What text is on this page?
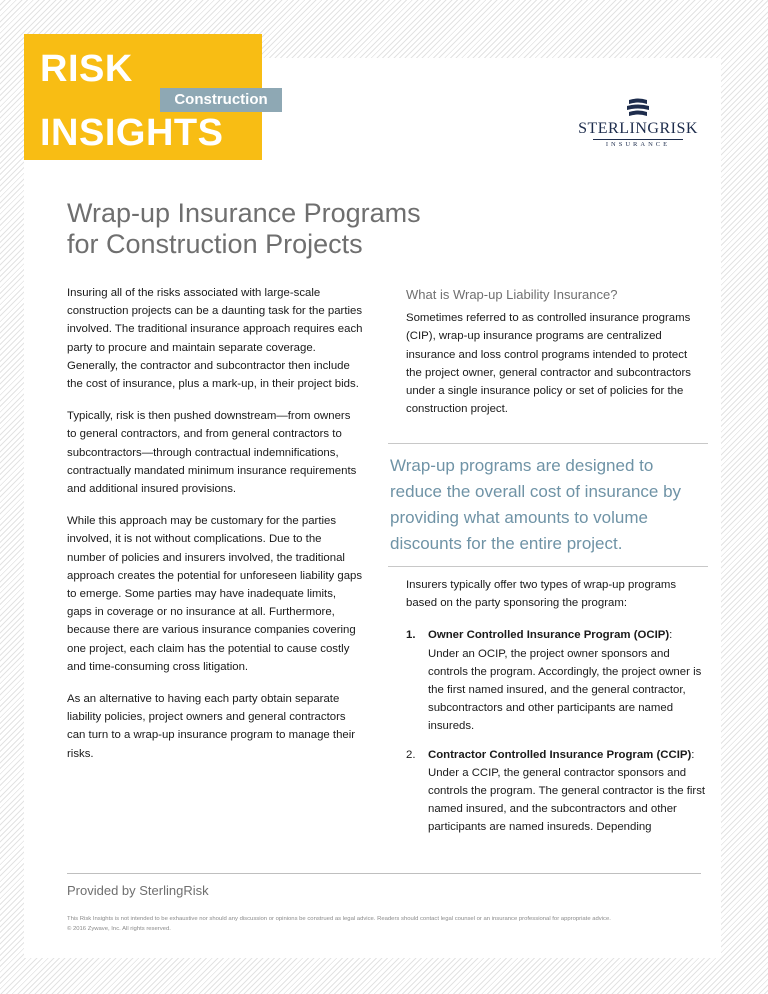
RISK
Construction
INSIGHTS	STERLINGRISK
INSURANCE
Wrap-up Insurance Programs
for Construction Projects

Insuring all of the risks associated with large-scale construction projects can be a daunting task for the parties involved. The traditional insurance approach requires each party to procure and maintain separate coverage. Generally, the contractor and subcontractor then include the cost of insurance, plus a mark-up, in their project bids.

Typically, risk is then pushed downstream—from owners to general contractors, and from general contractors to subcontractors—through contractual indemnifications, contractually mandated minimum insurance requirements and additional insured provisions.

While this approach may be customary for the parties involved, it is not without complications. Due to the number of policies and insurers involved, the traditional approach creates the potential for unforeseen liability gaps to emerge. Some parties may have inadequate limits, gaps in coverage or no insurance at all. Furthermore, because there are various insurance companies covering one project, each claim has the potential to cause costly and time-consuming cross litigation.

As an alternative to having each party obtain separate liability policies, project owners and general contractors can turn to a wrap-up insurance program to manage their risks.

What is Wrap-up Liability Insurance?

Sometimes referred to as controlled insurance programs (CIP), wrap-up insurance programs are centralized insurance and loss control programs intended to protect the project owner, general contractor and subcontractors under a single insurance policy or set of policies for the construction project.

Wrap-up programs are designed to reduce the overall cost of insurance by providing what amounts to volume discounts for the entire project.

Insurers typically offer two types of wrap-up programs based on the party sponsoring the program:

1. Owner Controlled Insurance Program (OCIP): Under an OCIP, the project owner sponsors and controls the program. Accordingly, the project owner is the first named insured, and the general contractor, subcontractors and other participants are named insureds.
2. Contractor Controlled Insurance Program (CCIP): Under a CCIP, the general contractor sponsors and controls the program. The general contractor is the first named insured, and the subcontractors and other participants are named insureds. Depending
Provided by SterlingRisk
This Risk Insights is not intended to be exhaustive nor should any discussion or opinions be construed as legal advice. Readers should contact legal counsel or an insurance professional for appropriate advice.
© 2016 Zywave, Inc. All rights reserved.
